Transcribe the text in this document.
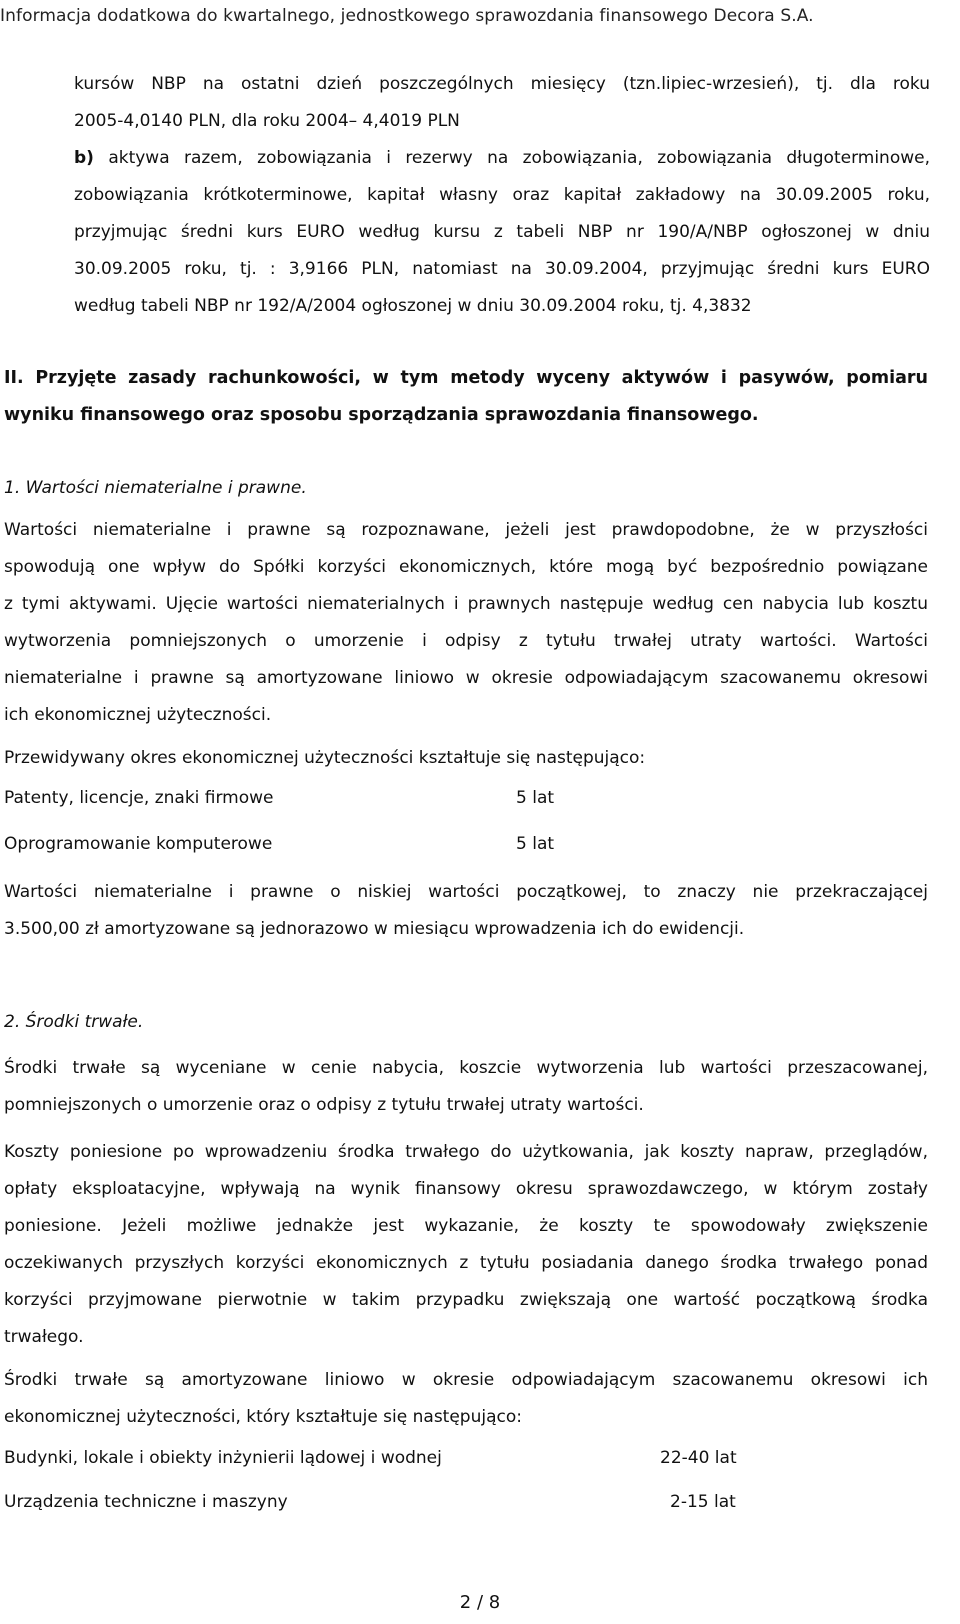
Informacja dodatkowa do kwartalnego, jednostkowego sprawozdania finansowego Decora S.A.
kursów NBP na ostatni dzień poszczególnych miesięcy (tzn.lipiec-wrzesień), tj. dla roku
2005-4,0140 PLN, dla roku 2004– 4,4019 PLN
b) aktywa razem, zobowiązania i rezerwy na zobowiązania, zobowiązania długoterminowe,
zobowiązania krótkoterminowe, kapitał własny oraz kapitał zakładowy na 30.09.2005 roku,
przyjmując średni kurs EURO według kursu z tabeli NBP nr 190/A/NBP ogłoszonej w dniu
30.09.2005 roku, tj. : 3,9166 PLN, natomiast na 30.09.2004, przyjmując średni kurs EURO
według tabeli NBP nr 192/A/2004 ogłoszonej w dniu 30.09.2004 roku, tj. 4,3832
II. Przyjęte zasady rachunkowości, w tym metody wyceny aktywów i pasywów, pomiaru
wyniku finansowego oraz sposobu sporządzania sprawozdania finansowego.
1. Wartości niematerialne i prawne.
Wartości niematerialne i prawne są rozpoznawane, jeżeli jest prawdopodobne, że w przyszłości
spowodują one wpływ do Spółki korzyści ekonomicznych, które mogą być bezpośrednio powiązane
z tymi aktywami. Ujęcie wartości niematerialnych i prawnych następuje według cen nabycia lub kosztu
wytworzenia pomniejszonych o umorzenie i odpisy z tytułu trwałej utraty wartości. Wartości
niematerialne i prawne są amortyzowane liniowo w okresie odpowiadającym szacowanemu okresowi
ich ekonomicznej użyteczności.
Przewidywany okres ekonomicznej użyteczności kształtuje się następująco:
Patenty, licencje, znaki firmowe	5 lat
Oprogramowanie komputerowe	5 lat
Wartości niematerialne i prawne o niskiej wartości początkowej, to znaczy nie przekraczającej
3.500,00 zł amortyzowane są jednorazowo w miesiącu wprowadzenia ich do ewidencji.
2. Środki trwałe.
Środki trwałe są wyceniane w cenie nabycia, koszcie wytworzenia lub wartości przeszacowanej,
pomniejszonych o umorzenie oraz o odpisy z tytułu trwałej utraty wartości.
Koszty poniesione po wprowadzeniu środka trwałego do użytkowania, jak koszty napraw, przeglądów,
opłaty eksploatacyjne, wpływają na wynik finansowy okresu sprawozdawczego, w którym zostały
poniesione. Jeżeli możliwe jednakże jest wykazanie, że koszty te spowodowały zwiększenie
oczekiwanych przyszłych korzyści ekonomicznych z tytułu posiadania danego środka trwałego ponad
korzyści przyjmowane pierwotnie w takim przypadku zwiększają one wartość początkową środka
trwałego.
Środki trwałe są amortyzowane liniowo w okresie odpowiadającym szacowanemu okresowi ich
ekonomicznej użyteczności, który kształtuje się następująco:
Budynki, lokale i obiekty inżynierii lądowej i wodnej	22-40 lat
Urządzenia techniczne i maszyny	2-15 lat
2 / 8
